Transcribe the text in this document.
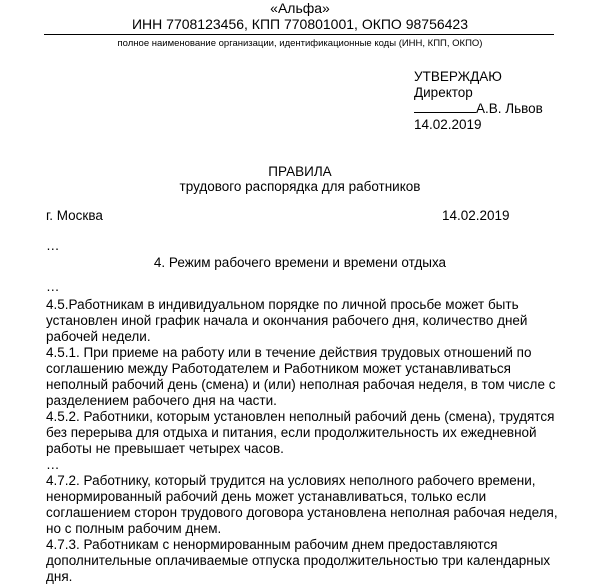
«Альфа»
ИНН 7708123456, КПП 770801001, ОКПО 98756423
полное наименование организации, идентификационные коды (ИНН, КПП, ОКПО)
УТВЕРЖДАЮ
Директор
А.В. Львов
14.02.2019
ПРАВИЛА
трудового распорядка для работников
г. Москва	14.02.2019
…
4. Режим рабочего времени и времени отдыха
…
4.5.Работникам в индивидуальном порядке по личной просьбе может быть
установлен иной график начала и окончания рабочего дня, количество дней
рабочей недели.
4.5.1. При приеме на работу или в течение действия трудовых отношений по
соглашению между Работодателем и Работником может устанавливаться
неполный рабочий день (смена) и (или) неполная рабочая неделя, в том числе с
разделением рабочего дня на части.
4.5.2. Работники, которым установлен неполный рабочий день (смена), трудятся
без перерыва для отдыха и питания, если продолжительность их ежедневной
работы не превышает четырех часов.
…
4.7.2. Работнику, который трудится на условиях неполного рабочего времени,
ненормированный рабочий день может устанавливаться, только если
соглашением сторон трудового договора установлена неполная рабочая неделя,
но с полным рабочим днем.
4.7.3. Работникам с ненормированным рабочим днем предоставляются
дополнительные оплачиваемые отпуска продолжительностью три календарных
дня.
